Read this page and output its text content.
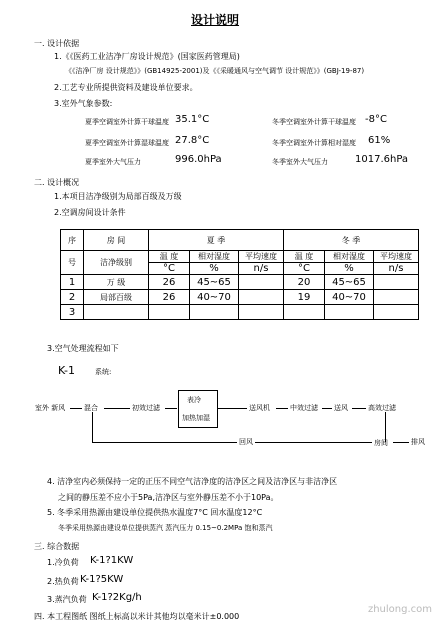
设计说明
一. 设计依据
1.《《医药工业洁净厂房设计规范》(国家医药管理局)
《《洁净厂房 设计规范》》(GB14925-2001)及《《采暖通风与空气调节 设计规范》》(GBJ-19-87)
2.工艺专业所提供资料及建设单位要求。
3.室外气象参数:
夏季空调室外计算干球温度 35.1°C	冬季空调室外计算干球温度 -8°C
夏季空调室外计算湿球温度 27.8°C	冬季空调室外计算相对湿度 61%
夏季室外大气压力	996.0hPa	冬季室外大气压力	1017.6hPa
二. 设计概况
1.本项目洁净级别为局部百级及万级
2.空调房间设计条件
序	房 间	夏 季			冬 季		
号	洁净级别	温 度	相对湿度	平均速度	温 度	相对湿度	平均速度
		°C	%	n/s	°C	%	n/s
1	万 级	26	45~65		20	45~65	
2	局部百级	26	40~70		19	40~70	
3							
3.空气处理流程如下
K-1	系统:
室外 新风	混合	初效过滤
表冷
加热加湿
送风机	中效过滤 送风	高效过滤
房间
回风	排风
4. 洁净室内必须保持一定的正压不同空气洁净度的洁净区之间及洁净区与非洁净区
之间的静压差不应小于5Pa,洁净区与室外静压差不小于10Pa。
5. 冬季采用热源由建设单位提供热水温度7°C 回水温度12°C
冬季采用热源由建设单位提供蒸汽 蒸汽压力 0.15~0.2MPa 饱和蒸汽
三. 综合数据
1.冷负荷 K-1?1KW
2.热负荷 K-1?5KW
3.蒸汽负荷 K-1?2Kg/h
四. 本工程图纸 图纸上标高以米计其他均以毫米计±0.000
zhulong.com
